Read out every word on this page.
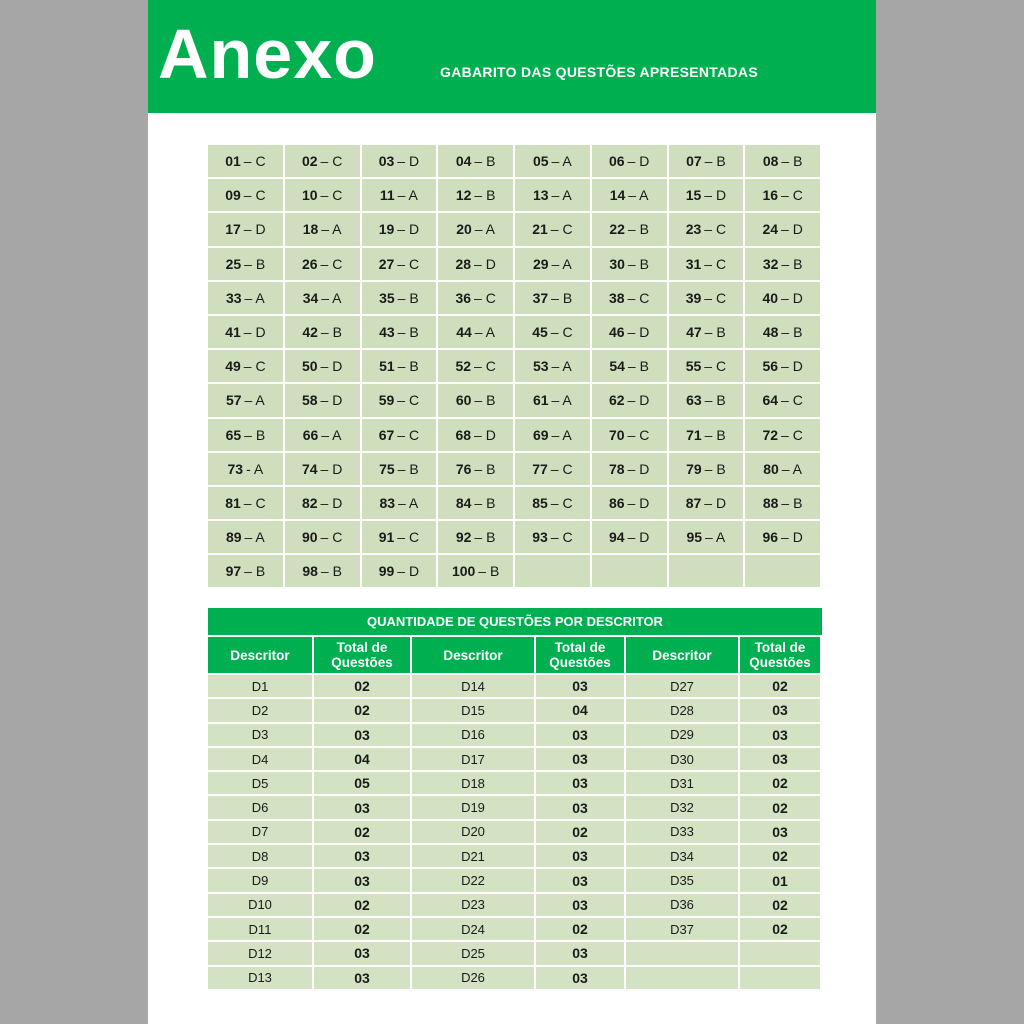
Anexo	GABARITO DAS QUESTÕES APRESENTADAS
01 – C	02 – C	03 – D	04 – B	05 – A	06 – D	07 – B	08 – B
09 – C	10 – C	11 – A	12 – B	13 – A	14 – A	15 – D	16 – C
17 – D	18 – A	19 – D	20 – A	21 – C	22 – B	23 – C	24 – D
25 – B	26 – C	27 – C	28 – D	29 – A	30 – B	31 – C	32 – B
33 – A	34 – A	35 – B	36 – C	37 – B	38 – C	39 – C	40 – D
41 – D	42 – B	43 – B	44 – A	45 – C	46 – D	47 – B	48 – B
49 – C	50 – D	51 – B	52 – C	53 – A	54 – B	55 – C	56 – D
57 – A	58 – D	59 – C	60 – B	61 – A	62 – D	63 – B	64 – C
65 – B	66 – A	67 – C	68 – D	69 – A	70 – C	71 – B	72 – C
73 - A	74 – D	75 – B	76 – B	77 – C	78 – D	79 – B	80 – A
81 – C	82 – D	83 – A	84 – B	85 – C	86 – D	87 – D	88 – B
89 – A	90 – C	91 – C	92 – B	93 – C	94 – D	95 – A	96 – D
97 – B	98 – B	99 – D 100 – B
QUANTIDADE DE QUESTÕES POR DESCRITOR
Descritor	Total de Questões	Descritor	Total de Questões	Descritor	Total de Questões
D1	02	D14	03	D27	02
D2	02	D15	04	D28	03
D3	03	D16	03	D29	03
D4	04	D17	03	D30	03
D5	05	D18	03	D31	02
D6	03	D19	03	D32	02
D7	02	D20	02	D33	03
D8	03	D21	03	D34	02
D9	03	D22	03	D35	01
D10	02	D23	03	D36	02
D11	02	D24	02	D37	02
D12	03	D25	03
D13	03	D26	03
